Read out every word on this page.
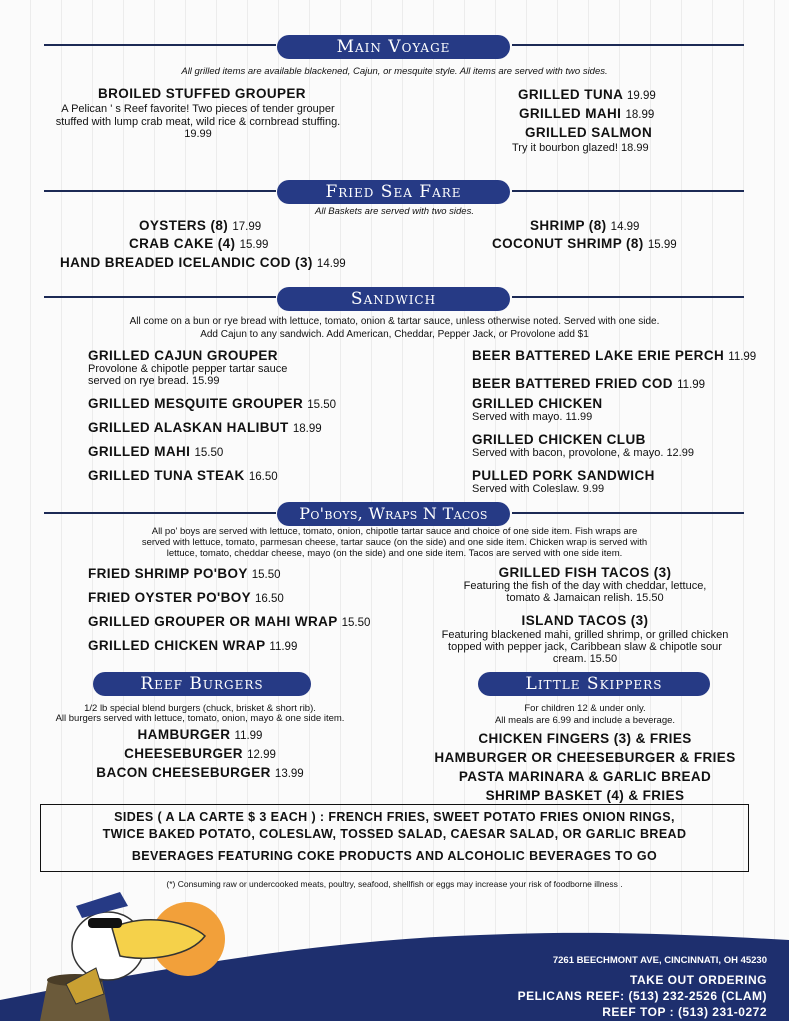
Main Voyage
All grilled items are available blackened, Cajun, or mesquite style. All items are served with two sides.
BROILED STUFFED GROUPER
A Pelican ' s Reef favorite! Two pieces of tender grouper stuffed with lump crab meat, wild rice & cornbread stuffing. 19.99
GRILLED TUNA 19.99
GRILLED MAHI 18.99
GRILLED SALMON
Try it bourbon glazed! 18.99
Fried Sea Fare
All Baskets are served with two sides.
OYSTERS (8) 17.99
CRAB CAKE (4) 15.99
HAND BREADED ICELANDIC COD (3) 14.99
SHRIMP (8) 14.99
COCONUT SHRIMP (8) 15.99
Sandwich
All come on a bun or rye bread with lettuce, tomato, onion & tartar sauce, unless otherwise noted. Served with one side.
Add Cajun to any sandwich. Add American, Cheddar, Pepper Jack, or Provolone add $1
GRILLED CAJUN GROUPER
Provolone & chipotle pepper tartar sauce
served on rye bread. 15.99
GRILLED MESQUITE GROUPER 15.50
GRILLED ALASKAN HALIBUT 18.99
GRILLED MAHI 15.50
GRILLED TUNA STEAK 16.50
BEER BATTERED LAKE ERIE PERCH 11.99
BEER BATTERED FRIED COD 11.99
GRILLED CHICKEN
Served with mayo. 11.99
GRILLED CHICKEN CLUB
Served with bacon, provolone, & mayo. 12.99
PULLED PORK SANDWICH
Served with Coleslaw. 9.99
Po'boys, Wraps N Tacos
All po' boys are served with lettuce, tomato, onion, chipotle tartar sauce and choice of one side item. Fish wraps are
served with lettuce, tomato, parmesan cheese, tartar sauce (on the side) and one side item. Chicken wrap is served with
lettuce, tomato, cheddar cheese, mayo (on the side) and one side item. Tacos are served with one side item.
FRIED SHRIMP PO'BOY 15.50
FRIED OYSTER PO'BOY 16.50
GRILLED GROUPER OR MAHI WRAP 15.50
GRILLED CHICKEN WRAP 11.99
GRILLED FISH TACOS (3)
Featuring the fish of the day with cheddar, lettuce,
tomato & Jamaican relish. 15.50
ISLAND TACOS (3)
Featuring blackened mahi, grilled shrimp, or grilled chicken
topped with pepper jack, Caribbean slaw & chipotle sour
cream. 15.50
Reef Burgers
1/2 lb special blend burgers (chuck, brisket & short rib).
All burgers served with lettuce, tomato, onion, mayo & one side item.
HAMBURGER 11.99
CHEESEBURGER 12.99
BACON CHEESEBURGER 13.99
Little Skippers
For children 12 & under only.
All meals are 6.99 and include a beverage.
CHICKEN FINGERS (3) & FRIES
HAMBURGER OR CHEESEBURGER & FRIES
PASTA MARINARA & GARLIC BREAD
SHRIMP BASKET (4) & FRIES
SIDES ( A LA CARTE $ 3 EACH ) : FRENCH FRIES, SWEET POTATO FRIES ONION RINGS,
TWICE BAKED POTATO, COLESLAW, TOSSED SALAD, CAESAR SALAD, OR GARLIC BREAD
BEVERAGES FEATURING COKE PRODUCTS AND ALCOHOLIC BEVERAGES TO GO
(*) Consuming raw or undercooked meats, poultry, seafood, shellfish or eggs may increase your risk of foodborne illness .
7261 BEECHMONT AVE, CINCINNATI, OH 45230
TAKE OUT ORDERING
PELICANS REEF: (513) 232-2526 (CLAM)
REEF TOP : (513) 231-0272
